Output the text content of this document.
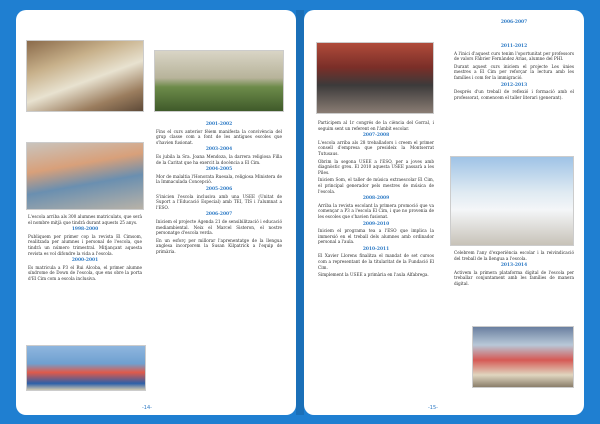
L'escola arriba als 300 alumnes matriculats, que serà el nombre mitjà que tindrà durant aquests 25 anys.

1998-2000

Publiquem per primer cop la revista El Cimsom, realitzada per alumnes i personal de l'escola, que tindrà un número trimestral. Mitjançant aquesta revista es vol difondre la vida a l'escola.

2000-2001

Es matricula a P3 el Rui Alcoba, el primer alumne síndrome de Down de l'escola, que ens obre la porta d'El Cim com a escola inclusiva.

2001-2002

Fins el curs anterior fèiem manifesta la convivència del grup classe com a font de les antigues escoles que s'havien fusionat.

2003-2004

Es jubila la Sra. Joana Mendoza, la darrera religiosa Filla de la Caritat que ha exercit la docència a El Cim.

2004-2005

Mor de malaltia l'Honorata Ruesala, religiosa Ministera de la Immaculada Concepció.

2005-2006

S'inicien l'escola inclusiva amb una USEE (Unitat de Suport a l'Educació Especial) amb TEI, TIS i l'alumnat a l'ESO.

2006-2007

Iniciem el projecte Agenda 21 de sensibilització i educació mediambiental. Neix el Marcel Sisteron, el nostre personatge d'escola verda.

En un esforç per millorar l'aprenentatge de la llengua anglesa incorporem la Susan Kilpatrick a l'equip de primària.

-14-

Participem al 1r congrés de la ciència del Gorral, i seguim sent un referent en l'àmbit escolar.

2007-2008

L'escola arriba als 28 treballadors i creem el primer consell d'empresa que presideix la Montserrat Tutusaus.

Obrim la segona USEE a l'ESO, per a joves amb diagnòstic greu. El 2010 aquesta USEE passarà a les Piles.

Iniciem Som, el taller de música extraescolar El Cim, el principal generador pels mestres de música de l'escola.

2008-2009

Arriba la revista escolant la primera promoció que va començar a P3 a l'escola El Cim, i que no provenia de les escoles que s'havien fusionat.

2009-2010

Iniciem el programa tea a l'ESO que implica la immersió en el treball dels alumnes amb ordinador personal a l'aula.

2010-2011

El Xavier Llorens finalitza el mandat de set cursos com a representant de la titularitat de la Fundació El Cim.

Simplement la USEE a primària en l'aula Alfabrega.

2011-2012

A l'inici d'aquest curs tenim l'oportunitat per professors de valors Fàbrier Fernàndez Arias, alumne del PHI.

Durant aquest curs iniciem el projecte Les únies mestres a El Cim per reforçar la lectura amb les famílies i com fer la immigració.

2012-2013

Després d'un treball de reflexió i formació amb el professorat, comencem el taller literari (generant).

Celebrem l'any d'experiència escolar i la reivindicació del treball de la llengua a l'escola.

2013-2014

Activem la primera plataforma digital de l'escola per treballar conjuntament amb les famílies de manera digital.

2006-2007
-15-
